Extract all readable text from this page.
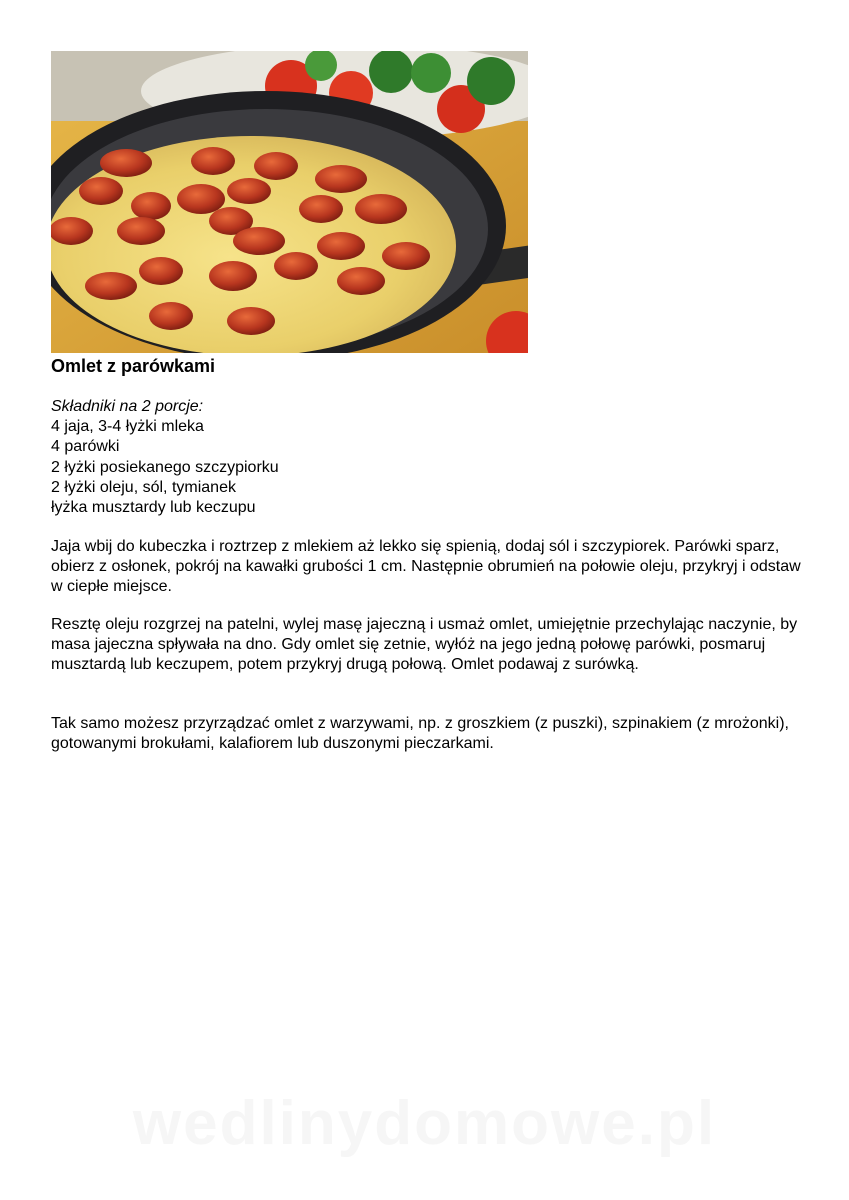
Omlet z parówkami
Składniki na 2 porcje:
4 jaja, 3-4 łyżki mleka
4 parówki
2 łyżki posiekanego szczypiorku
2 łyżki oleju, sól, tymianek
łyżka musztardy lub keczupu

Jaja wbij do kubeczka i roztrzep z mlekiem aż lekko się spienią, dodaj sól i szczypiorek. Parówki sparz, obierz z osłonek, pokrój na kawałki grubości 1 cm. Następnie obrumień na połowie oleju, przykryj i odstaw w ciepłe miejsce.

Resztę oleju rozgrzej na patelni, wylej masę jajeczną i usmaż omlet, umiejętnie przechylając naczynie, by masa jajeczna spływała na dno. Gdy omlet się zetnie, wyłóż na jego jedną połowę parówki, posmaruj musztardą lub keczupem, potem przykryj drugą połową. Omlet podawaj z surówką.

Tak samo możesz przyrządzać omlet z warzywami, np. z groszkiem (z puszki), szpinakiem (z mrożonki), gotowanymi brokułami, kalafiorem lub duszonymi pieczarkami.

wedlinydomowe.pl
